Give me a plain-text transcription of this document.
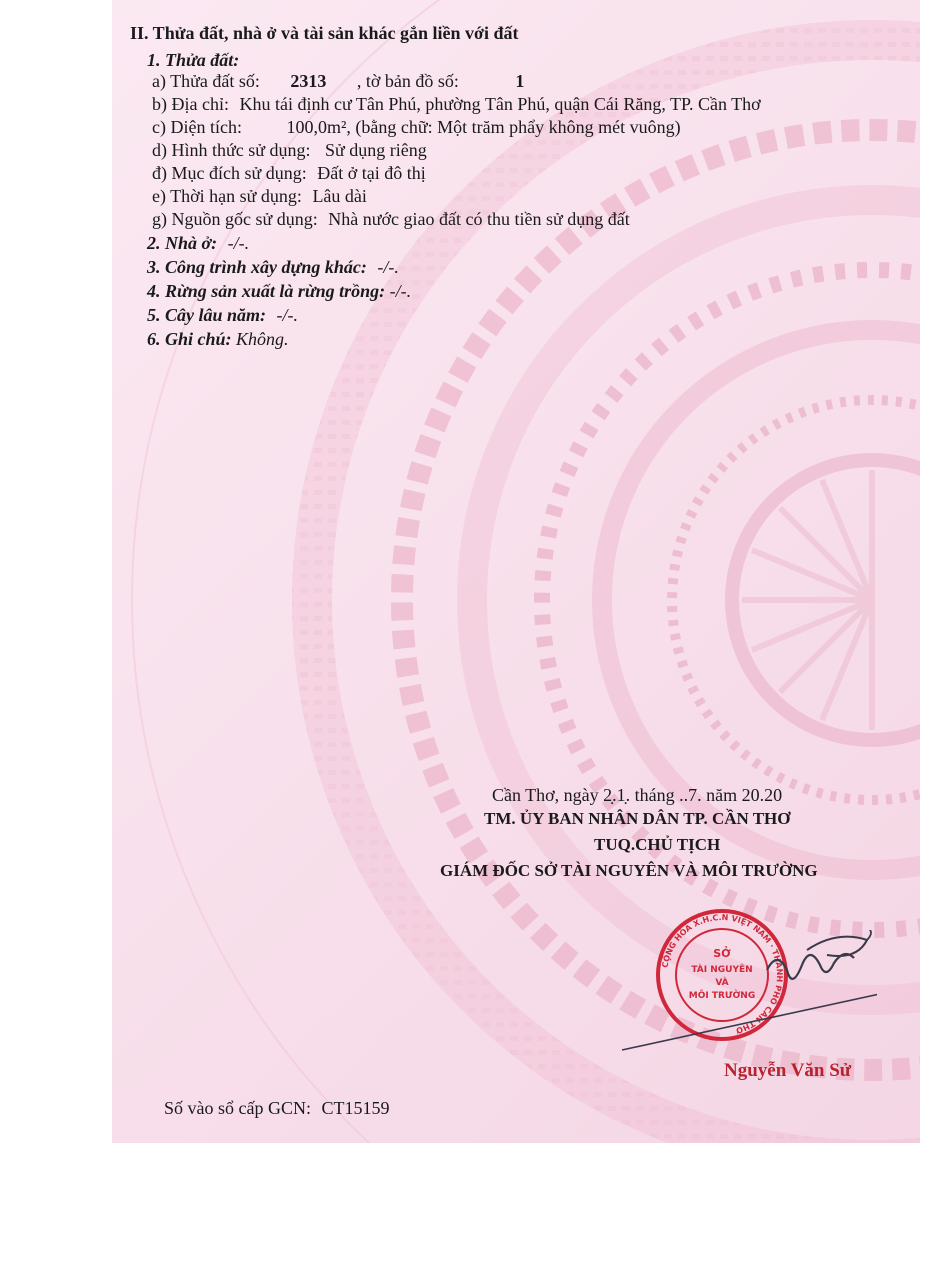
II. Thửa đất, nhà ở và tài sản khác gắn liền với đất
1. Thửa đất:
a) Thửa đất số: 2313 , tờ bản đồ số:	1
b) Địa chỉ: Khu tái định cư Tân Phú, phường Tân Phú, quận Cái Răng, TP. Cần Thơ
c) Diện tích: 100,0m², (bằng chữ: Một trăm phẩy không mét vuông)
d) Hình thức sử dụng: Sử dụng riêng
đ) Mục đích sử dụng: Đất ở tại đô thị
e) Thời hạn sử dụng: Lâu dài
g) Nguồn gốc sử dụng: Nhà nước giao đất có thu tiền sử dụng đất
2. Nhà ở: -/-.
3. Công trình xây dựng khác: -/-.
4. Rừng sản xuất là rừng trồng: -/-.
5. Cây lâu năm: -/-.
6. Ghi chú: Không.
Cần Thơ, ngày 2̣.1̣. tháng ..7. năm 20.20
TM. ỦY BAN NHÂN DÂN TP. CẦN THƠ
TUQ.CHỦ TỊCH
GIÁM ĐỐC SỞ TÀI NGUYÊN VÀ MÔI TRƯỜNG
CỘNG HÒA X.H.C.N VIỆT NAM · THÀNH PHỐ CẦN THƠ
SỞ
TÀI NGUYÊN
VÀ
MÔI TRƯỜNG
Nguyễn Văn Sử
Số vào sổ cấp GCN: CT15159
